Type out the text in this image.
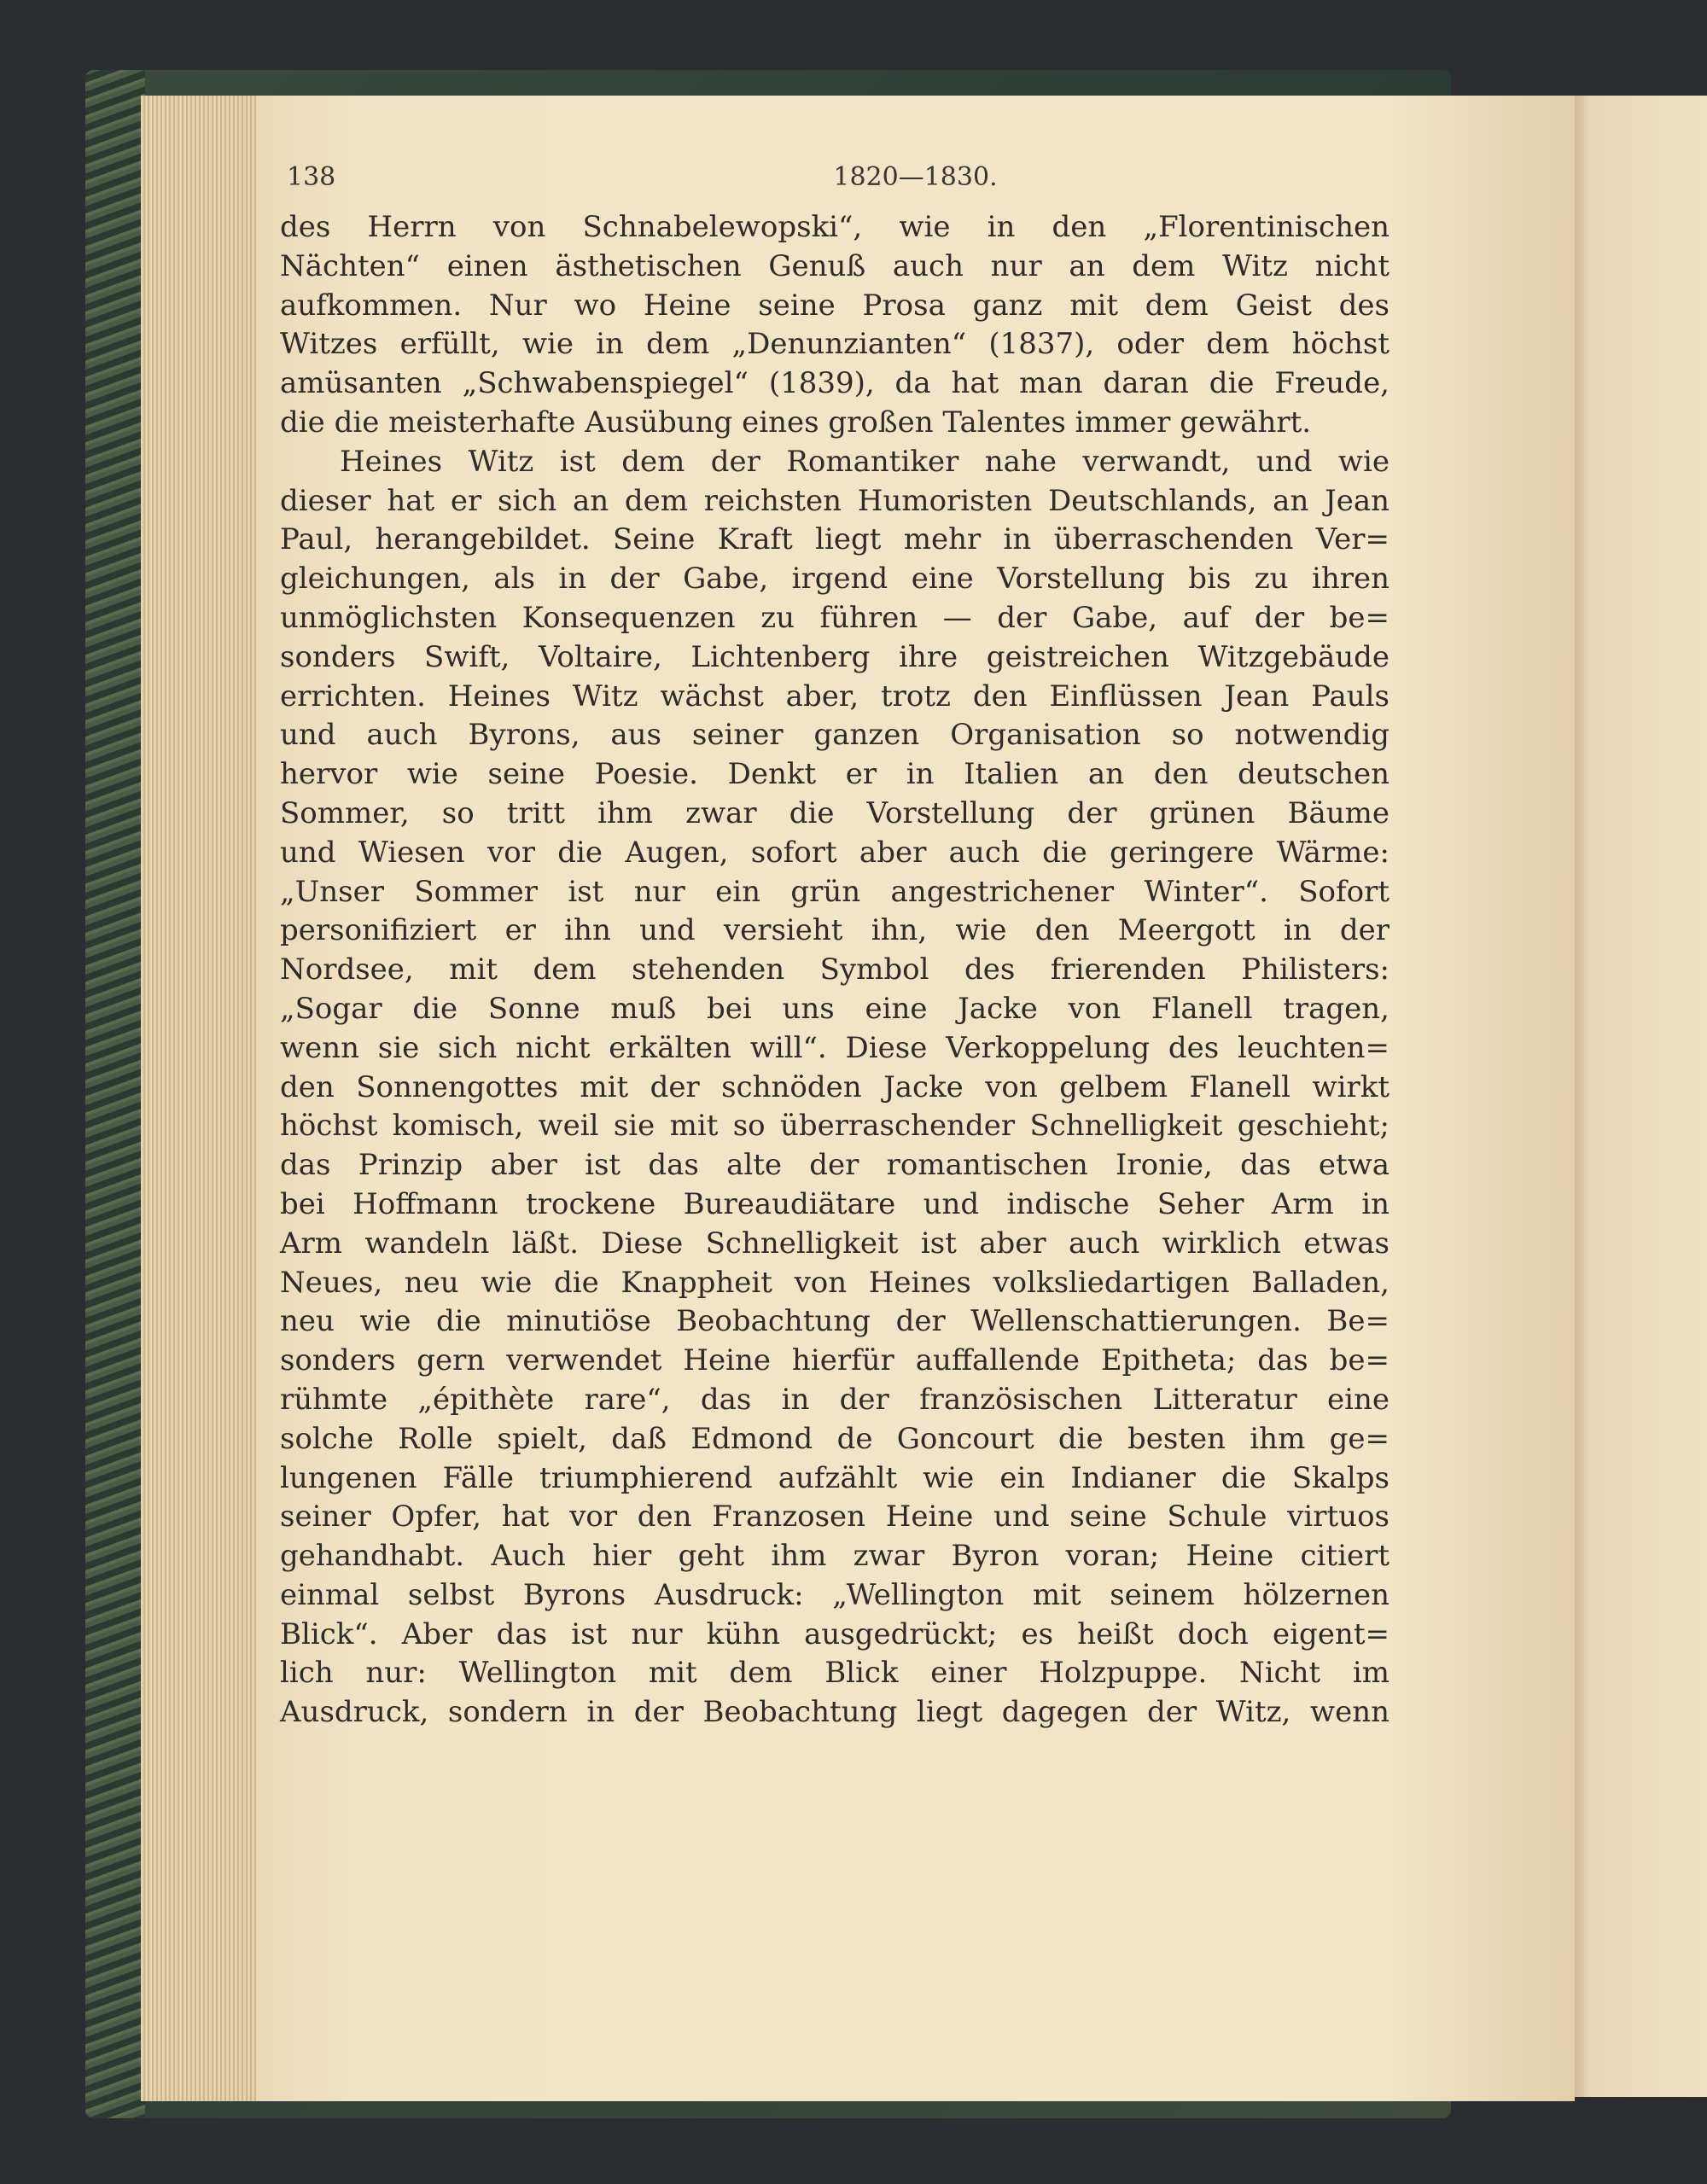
138	1820—1830.
des Herrn von Schnabelewopski“, wie in den „Florentinischen
Nächten“ einen ästhetischen Genuß auch nur an dem Witz nicht
aufkommen. Nur wo Heine seine Prosa ganz mit dem Geist des
Witzes erfüllt, wie in dem „Denunzianten“ (1837), oder dem höchst
amüsanten „Schwabenspiegel“ (1839), da hat man daran die Freude,
die die meisterhafte Ausübung eines großen Talentes immer gewährt.
Heines Witz ist dem der Romantiker nahe verwandt, und wie
dieser hat er sich an dem reichsten Humoristen Deutschlands, an Jean
Paul, herangebildet. Seine Kraft liegt mehr in überraschenden Ver=
gleichungen, als in der Gabe, irgend eine Vorstellung bis zu ihren
unmöglichsten Konsequenzen zu führen — der Gabe, auf der be=
sonders Swift, Voltaire, Lichtenberg ihre geistreichen Witzgebäude
errichten. Heines Witz wächst aber, trotz den Einflüssen Jean Pauls
und auch Byrons, aus seiner ganzen Organisation so notwendig
hervor wie seine Poesie. Denkt er in Italien an den deutschen
Sommer, so tritt ihm zwar die Vorstellung der grünen Bäume
und Wiesen vor die Augen, sofort aber auch die geringere Wärme:
„Unser Sommer ist nur ein grün angestrichener Winter“. Sofort
personifiziert er ihn und versieht ihn, wie den Meergott in der
Nordsee, mit dem stehenden Symbol des frierenden Philisters:
„Sogar die Sonne muß bei uns eine Jacke von Flanell tragen,
wenn sie sich nicht erkälten will“. Diese Verkoppelung des leuchten=
den Sonnengottes mit der schnöden Jacke von gelbem Flanell wirkt
höchst komisch, weil sie mit so überraschender Schnelligkeit geschieht;
das Prinzip aber ist das alte der romantischen Ironie, das etwa
bei Hoffmann trockene Bureaudiätare und indische Seher Arm in
Arm wandeln läßt. Diese Schnelligkeit ist aber auch wirklich etwas
Neues, neu wie die Knappheit von Heines volksliedartigen Balladen,
neu wie die minutiöse Beobachtung der Wellenschattierungen. Be=
sonders gern verwendet Heine hierfür auffallende Epitheta; das be=
rühmte „épithète rare“, das in der französischen Litteratur eine
solche Rolle spielt, daß Edmond de Goncourt die besten ihm ge=
lungenen Fälle triumphierend aufzählt wie ein Indianer die Skalps
seiner Opfer, hat vor den Franzosen Heine und seine Schule virtuos
gehandhabt. Auch hier geht ihm zwar Byron voran; Heine citiert
einmal selbst Byrons Ausdruck: „Wellington mit seinem hölzernen
Blick“. Aber das ist nur kühn ausgedrückt; es heißt doch eigent=
lich nur: Wellington mit dem Blick einer Holzpuppe. Nicht im
Ausdruck, sondern in der Beobachtung liegt dagegen der Witz, wenn
